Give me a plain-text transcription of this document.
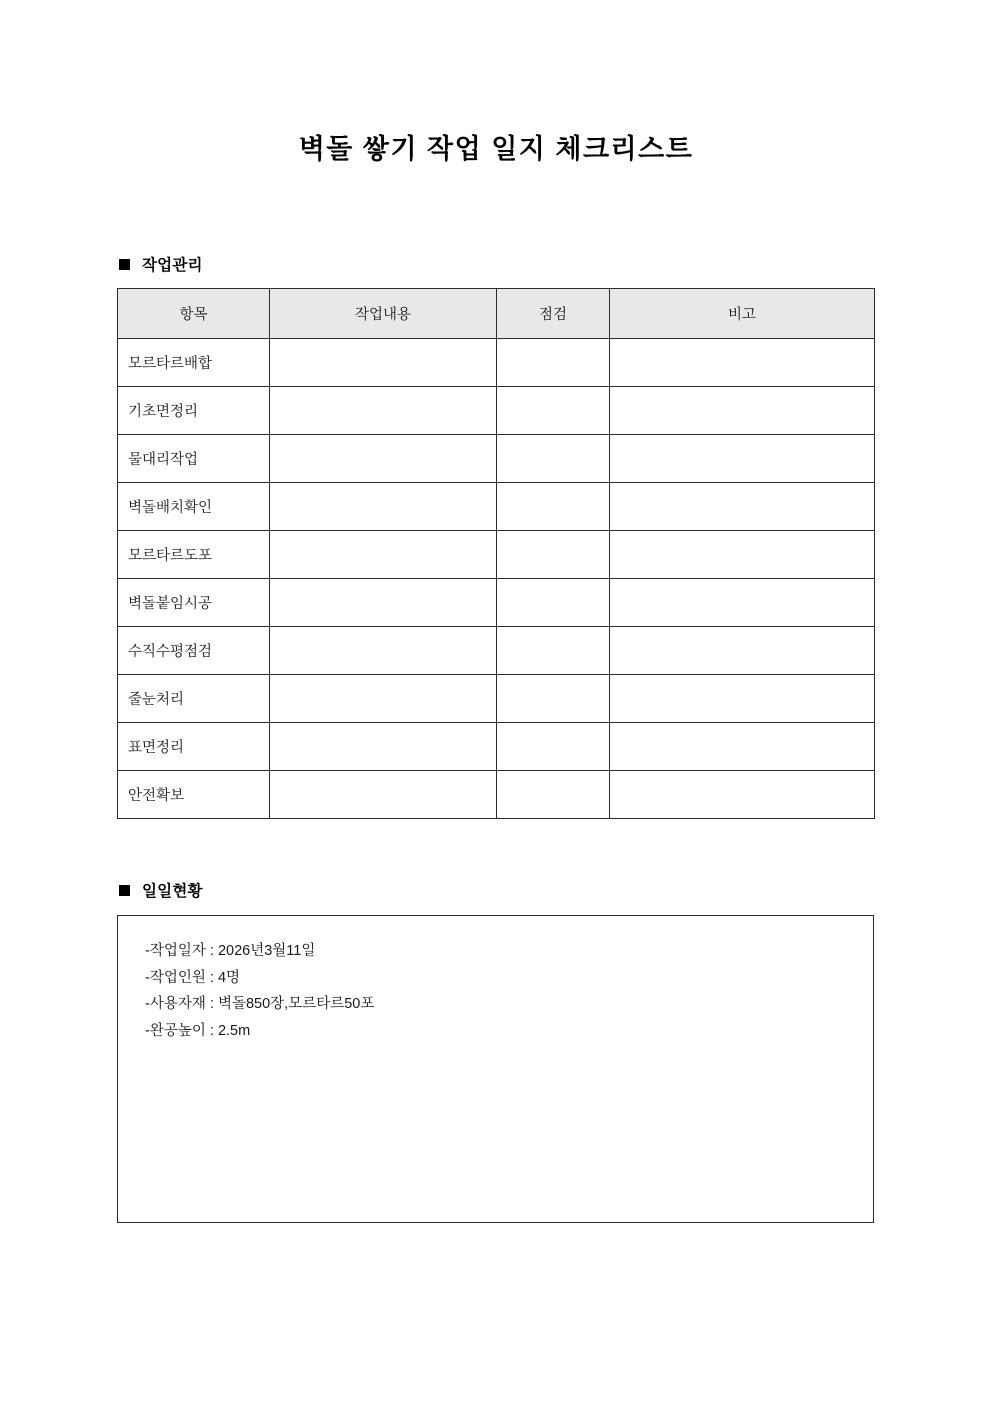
벽돌 쌓기 작업 일지 체크리스트
작업관리
항목	작업내용	점검	비고
모르타르배합			
기초면정리			
물대리작업			
벽돌배치확인			
모르타르도포			
벽돌붙임시공			
수직수평점검			
줄눈처리			
표면정리			
안전확보			
일일현황
-작업일자 : 2026년3월11일
-작업인원 : 4명
-사용자재 : 벽돌850장,모르타르50포
-완공높이 : 2.5m
